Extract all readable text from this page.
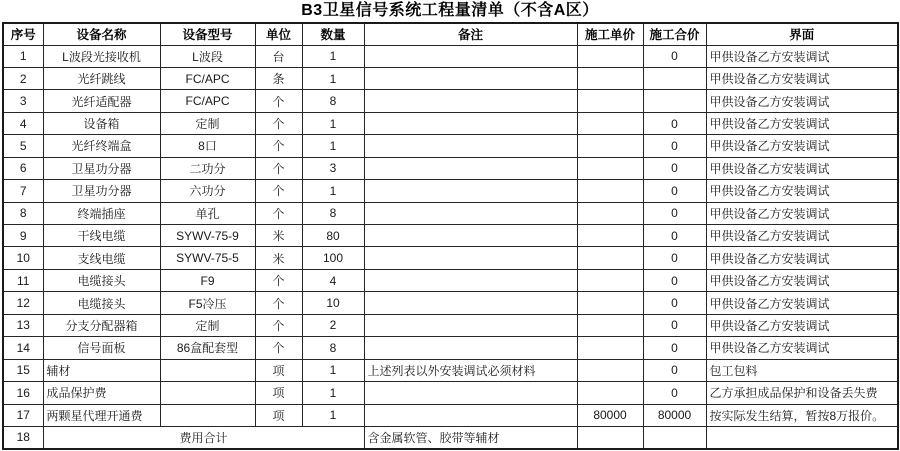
B3卫星信号系统工程量清单（不含A区）
序号	设备名称	设备型号	单位	数量	备注	施工单价	施工合价	界面
1	L波段光接收机	L波段	台	1			0	甲供设备乙方安装调试
2	光纤跳线	FC/APC	条	1				甲供设备乙方安装调试
3	光纤适配器	FC/APC	个	8				甲供设备乙方安装调试
4	设备箱	定制	个	1			0	甲供设备乙方安装调试
5	光纤终端盒	8口	个	1			0	甲供设备乙方安装调试
6	卫星功分器	二功分	个	3			0	甲供设备乙方安装调试
7	卫星功分器	六功分	个	1			0	甲供设备乙方安装调试
8	终端插座	单孔	个	8			0	甲供设备乙方安装调试
9	干线电缆	SYWV-75-9	米	80			0	甲供设备乙方安装调试
10	支线电缆	SYWV-75-5	米	100			0	甲供设备乙方安装调试
11	电缆接头	F9	个	4			0	甲供设备乙方安装调试
12	电缆接头	F5冷压	个	10			0	甲供设备乙方安装调试
13	分支分配器箱	定制	个	2			0	甲供设备乙方安装调试
14	信号面板	86盒配套型	个	8			0	甲供设备乙方安装调试
15	辅材		项	1	上述列表以外安装调试必须材料		0	包工包料
16	成品保护费		项	1			0	乙方承担成品保护和设备丢失费
17	两颗星代理开通费		项	1		80000	80000	按实际发生结算，暂按8万报价。
18	费用合计				含金属软管、胶带等辅材			
